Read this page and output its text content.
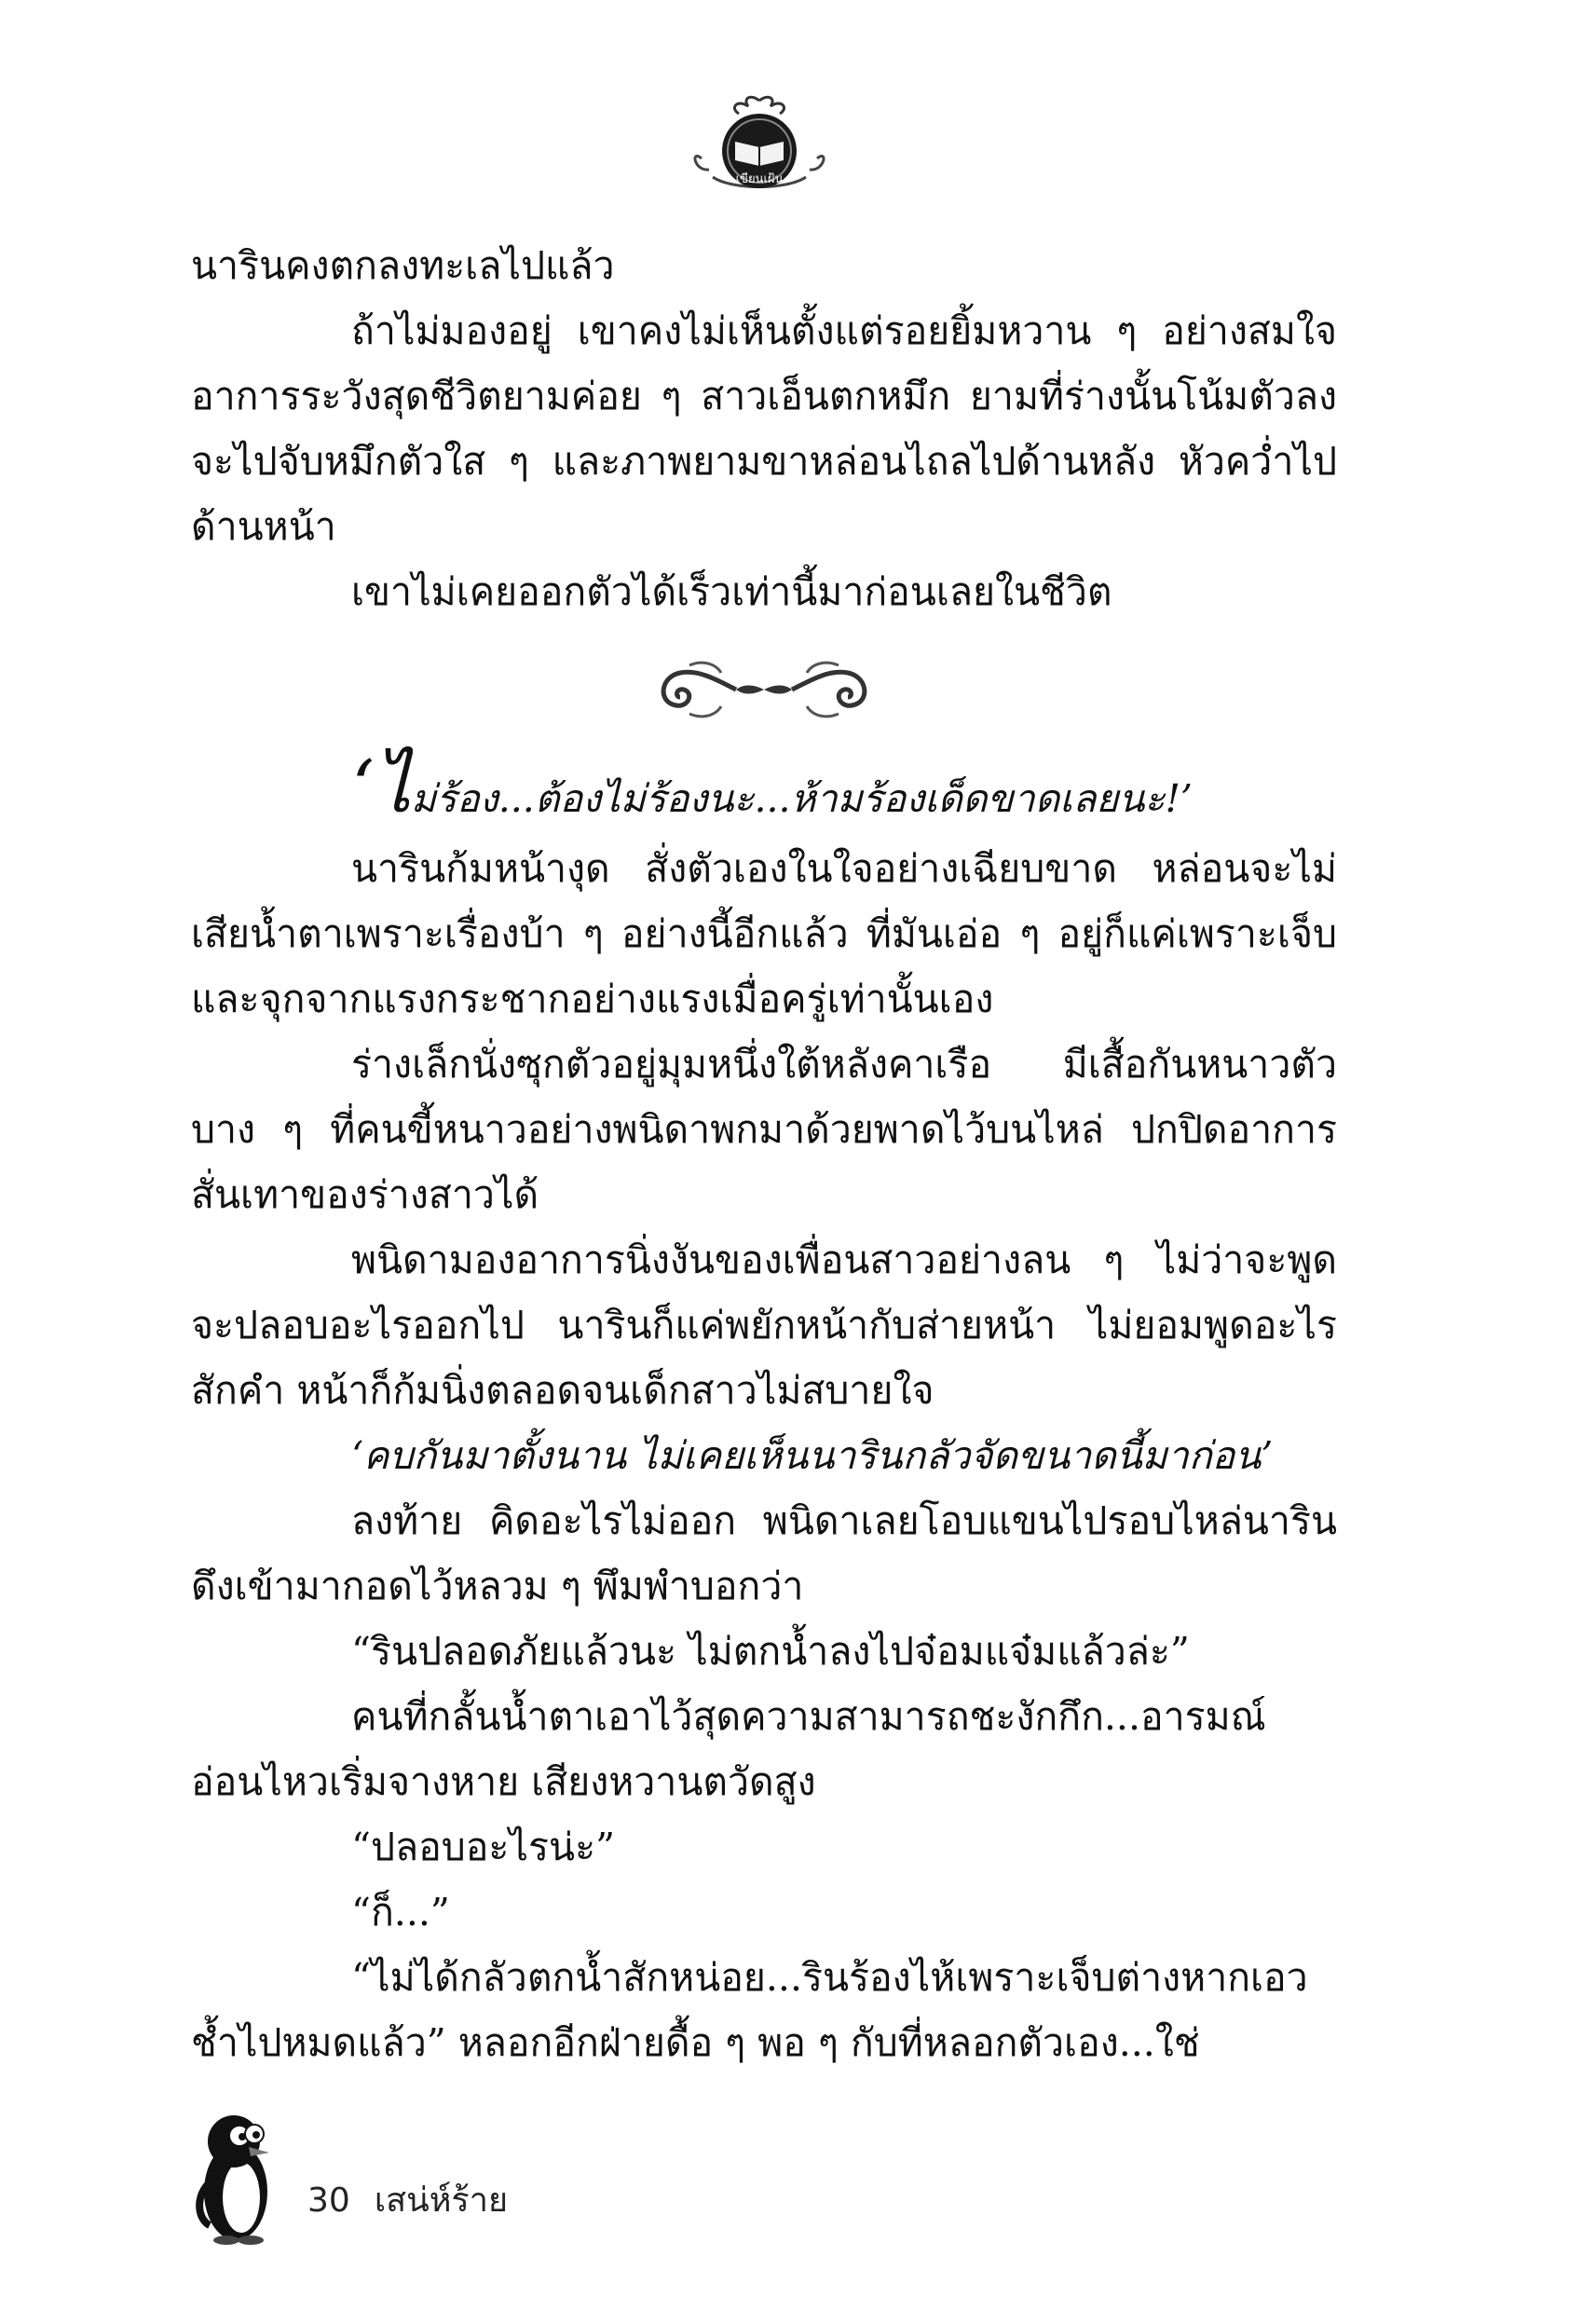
เขียนเฝ้น

นารินคงตกลงทะเลไปแล้ว

ถ้าไม่มองอยู่ เขาคงไม่เห็นตั้งแต่รอยยิ้มหวาน ๆ อย่างสมใจ อาการระวังสุดชีวิตยามค่อย ๆ สาวเอ็นตกหมึก ยามที่ร่างนั้นโน้มตัวลงจะไปจับหมึกตัวใส ๆ และภาพยามขาหล่อนไถลไปด้านหลัง หัวคว่ำไปด้านหน้า

เขาไม่เคยออกตัวได้เร็วเท่านี้มาก่อนเลยในชีวิต

‘ไม่ร้อง...ต้องไม่ร้องนะ...ห้ามร้องเด็ดขาดเลยนะ!’

นารินก้มหน้างุด สั่งตัวเองในใจอย่างเฉียบขาด หล่อนจะไม่เสียน้ำตาเพราะเรื่องบ้า ๆ อย่างนี้อีกแล้ว ที่มันเอ่อ ๆ อยู่ก็แค่เพราะเจ็บและจุกจากแรงกระชากอย่างแรงเมื่อครู่เท่านั้นเอง

ร่างเล็กนั่งซุกตัวอยู่มุมหนึ่งใต้หลังคาเรือ มีเสื้อกันหนาวตัวบาง ๆ ที่คนขี้หนาวอย่างพนิดาพกมาด้วยพาดไว้บนไหล่ ปกปิดอาการสั่นเทาของร่างสาวได้

พนิดามองอาการนิ่งงันของเพื่อนสาวอย่างลน ๆ ไม่ว่าจะพูดจะปลอบอะไรออกไป นารินก็แค่พยักหน้ากับส่ายหน้า ไม่ยอมพูดอะไรสักคำ หน้าก็ก้มนิ่งตลอดจนเด็กสาวไม่สบายใจ

‘คบกันมาตั้งนาน ไม่เคยเห็นนารินกลัวจัดขนาดนี้มาก่อน’

ลงท้าย คิดอะไรไม่ออก พนิดาเลยโอบแขนไปรอบไหล่นารินดึงเข้ามากอดไว้หลวม ๆ พึมพำบอกว่า

“รินปลอดภัยแล้วนะ ไม่ตกน้ำลงไปจ๋อมแจ๋มแล้วล่ะ”

คนที่กลั้นน้ำตาเอาไว้สุดความสามารถชะงักกึก...อารมณ์อ่อนไหวเริ่มจางหาย เสียงหวานตวัดสูง

“ปลอบอะไรน่ะ”

“ก็...”

“ไม่ได้กลัวตกน้ำสักหน่อย...รินร้องไห้เพราะเจ็บต่างหากเอวช้ำไปหมดแล้ว” หลอกอีกฝ่ายดื้อ ๆ พอ ๆ กับที่หลอกตัวเอง...ใช่

30 เสน่ห์ร้าย
